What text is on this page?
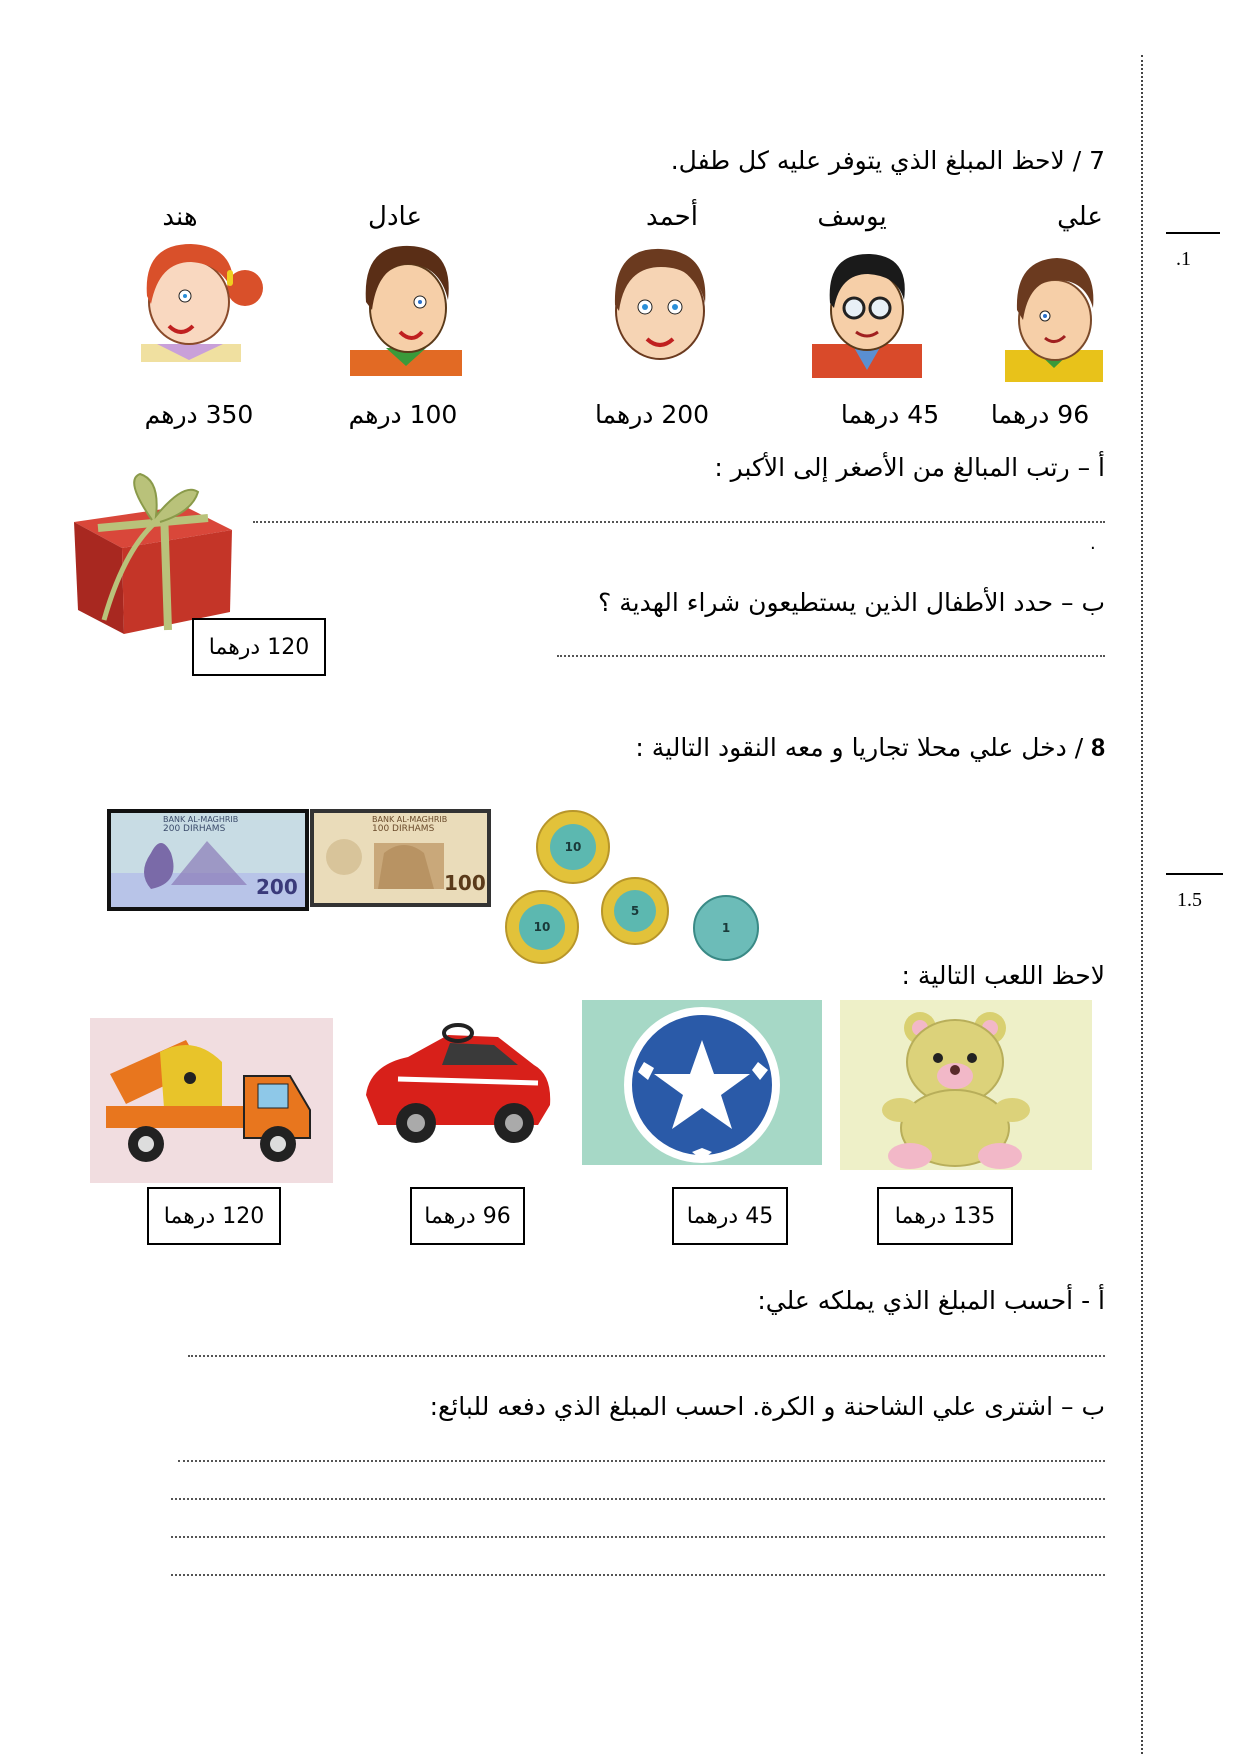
.1
1.5
7 / لاحظ المبلغ الذي يتوفر عليه كل طفل.
علي
يوسف
أحمد
عادل
هند
96 درهما
45 درهما
200 درهما
100 درهم
350 درهم
أ – رتب المبالغ من الأصغر إلى الأكبر :
.
120 درهما
ب – حدد الأطفال الذين يستطيعون شراء الهدية ؟
8 / دخل علي محلا تجاريا و معه النقود التالية :
BANK AL-MAGHRIB
200 DIRHAMS
200
BANK AL-MAGHRIB
100 DIRHAMS
100
10
10
5
1
لاحظ اللعب التالية :
135 درهما
45 درهما
96 درهما
120 درهما
أ - أحسب المبلغ الذي يملكه علي:
ب – اشترى علي الشاحنة و الكرة. احسب المبلغ الذي دفعه للبائع:
